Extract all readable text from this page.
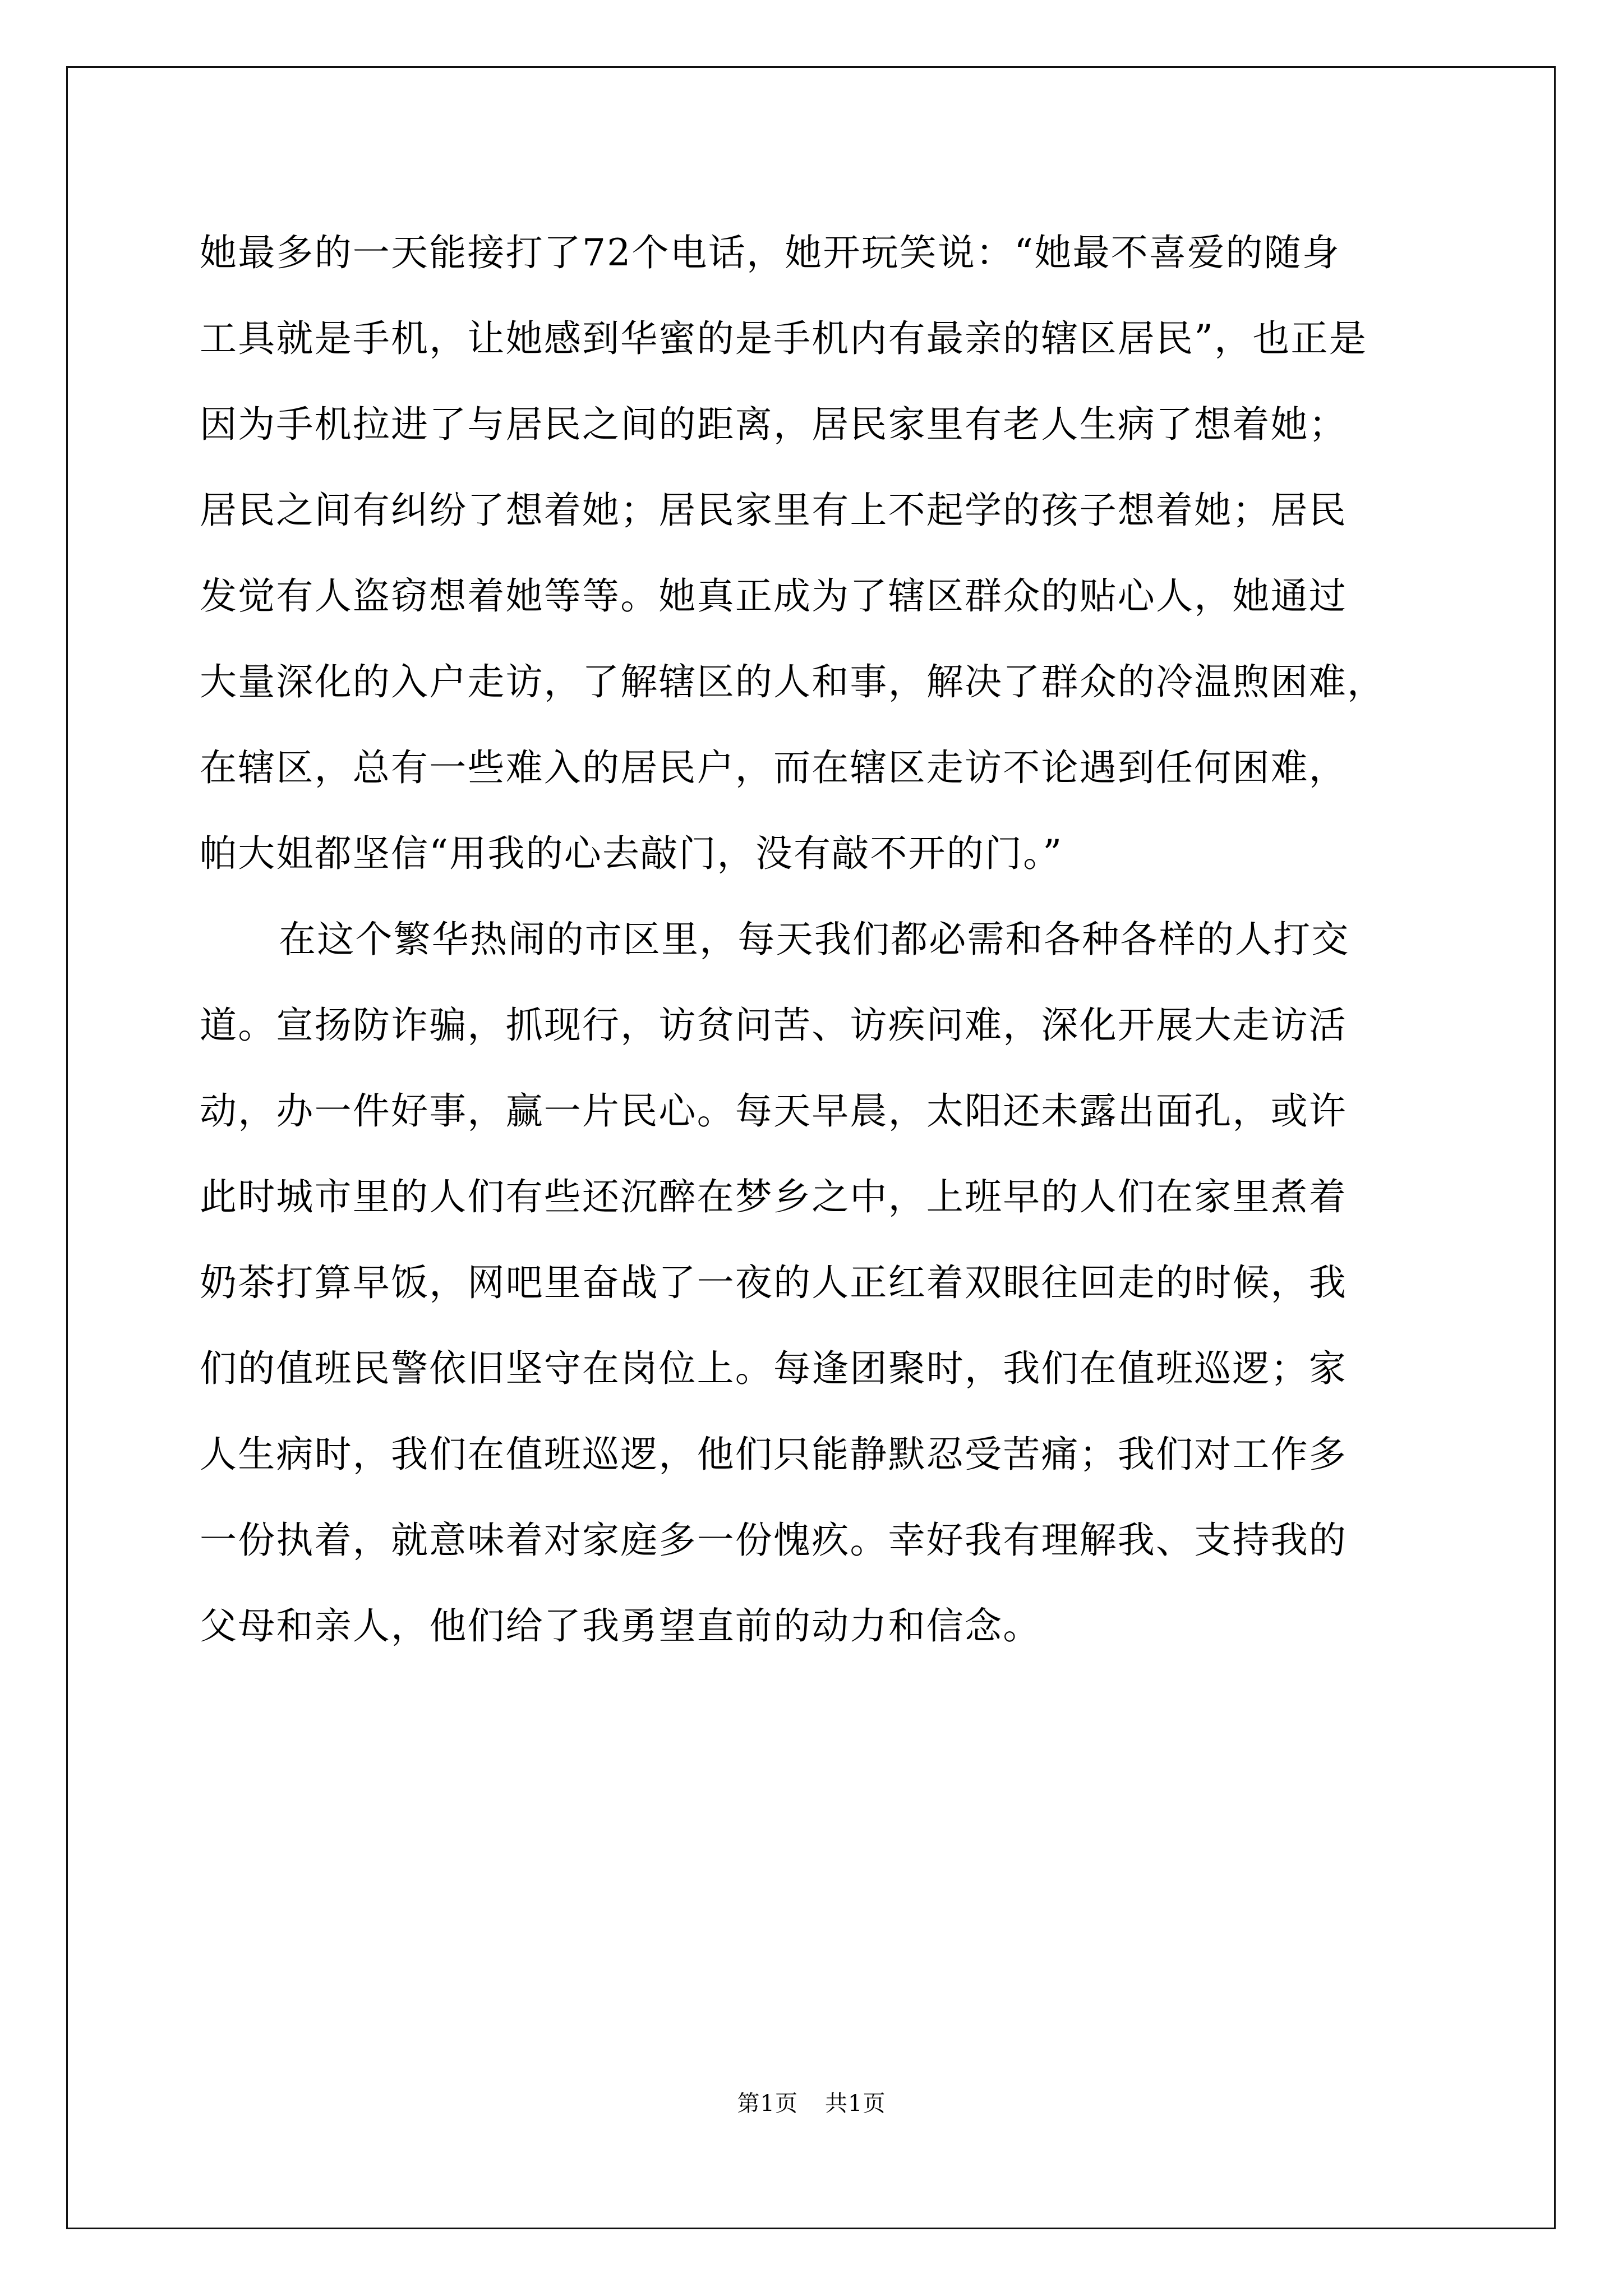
她最多的一天能接打了72个电话，她开玩笑说：“她最不喜爱的随身
工具就是手机，让她感到华蜜的是手机内有最亲的辖区居民”，也正是
因为手机拉进了与居民之间的距离，居民家里有老人生病了想着她；
居民之间有纠纷了想着她；居民家里有上不起学的孩子想着她；居民
发觉有人盗窃想着她等等。她真正成为了辖区群众的贴心人，她通过
大量深化的入户走访，了解辖区的人和事，解决了群众的冷温煦困难，
在辖区，总有一些难入的居民户，而在辖区走访不论遇到任何困难，
帕大姐都坚信“用我的心去敲门，没有敲不开的门。”
在这个繁华热闹的市区里，每天我们都必需和各种各样的人打交
道。宣扬防诈骗，抓现行，访贫问苦、访疾问难，深化开展大走访活
动，办一件好事，赢一片民心。每天早晨，太阳还未露出面孔，或许
此时城市里的人们有些还沉醉在梦乡之中，上班早的人们在家里煮着
奶茶打算早饭，网吧里奋战了一夜的人正红着双眼往回走的时候，我
们的值班民警依旧坚守在岗位上。每逢团聚时，我们在值班巡逻；家
人生病时，我们在值班巡逻，他们只能静默忍受苦痛；我们对工作多
一份执着，就意味着对家庭多一份愧疚。幸好我有理解我、支持我的
父母和亲人，他们给了我勇望直前的动力和信念。
第1页 共1页
